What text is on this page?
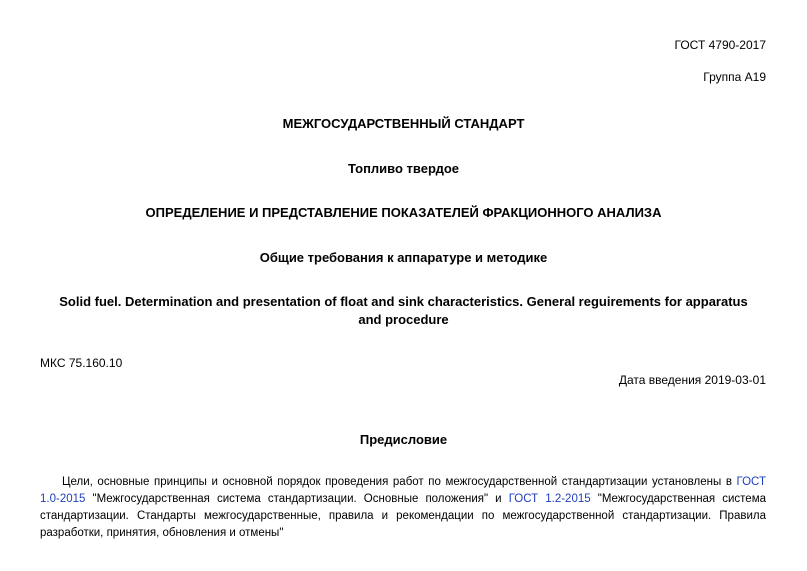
ГОСТ 4790-2017
Группа А19
МЕЖГОСУДАРСТВЕННЫЙ СТАНДАРТ
Топливо твердое
ОПРЕДЕЛЕНИЕ И ПРЕДСТАВЛЕНИЕ ПОКАЗАТЕЛЕЙ ФРАКЦИОННОГО АНАЛИЗА
Общие требования к аппаратуре и методике
Solid fuel. Determination and presentation of float and sink characteristics. General reguirements for apparatus
and procedure
МКС 75.160.10
Дата введения 2019-03-01
Предисловие
Цели, основные принципы и основной порядок проведения работ по межгосударственной стандартизации установлены в ГОСТ 1.0-2015 "Межгосударственная система стандартизации. Основные положения" и ГОСТ 1.2-2015 "Межгосударственная система стандартизации. Стандарты межгосударственные, правила и рекомендации по межгосударственной стандартизации. Правила разработки, принятия, обновления и отмены"
